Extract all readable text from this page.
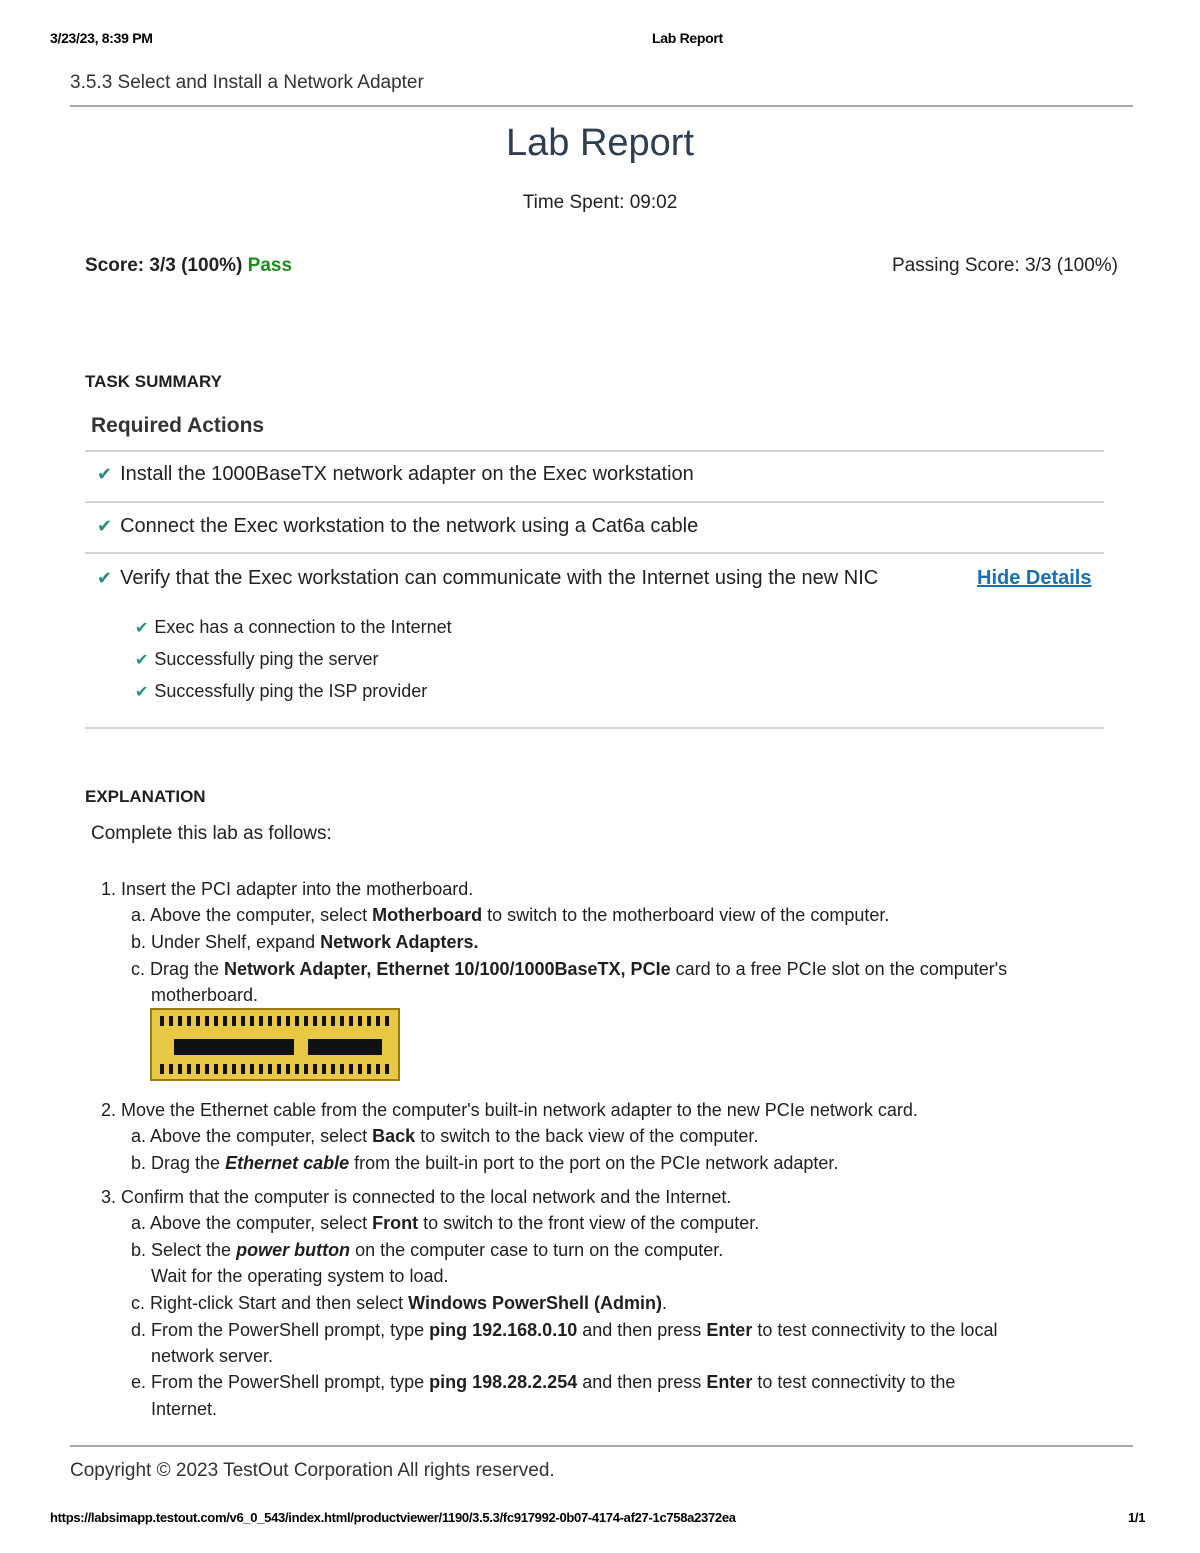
3/23/23, 8:39 PM	Lab Report
3.5.3 Select and Install a Network Adapter
Lab Report
Time Spent: 09:02
Score: 3/3 (100%) Pass	Passing Score: 3/3 (100%)
TASK SUMMARY
Required Actions
✔ Install the 1000BaseTX network adapter on the Exec workstation
✔ Connect the Exec workstation to the network using a Cat6a cable
✔ Verify that the Exec workstation can communicate with the Internet using the new NIC	Hide Details
✔ Exec has a connection to the Internet
✔ Successfully ping the server
✔ Successfully ping the ISP provider
EXPLANATION
Complete this lab as follows:
1. Insert the PCI adapter into the motherboard.
a. Above the computer, select Motherboard to switch to the motherboard view of the computer.
b. Under Shelf, expand Network Adapters.
c. Drag the Network Adapter, Ethernet 10/100/1000BaseTX, PCIe card to a free PCIe slot on the computer's
motherboard.
2. Move the Ethernet cable from the computer's built-in network adapter to the new PCIe network card.
a. Above the computer, select Back to switch to the back view of the computer.
b. Drag the Ethernet cable from the built-in port to the port on the PCIe network adapter.
3. Confirm that the computer is connected to the local network and the Internet.
a. Above the computer, select Front to switch to the front view of the computer.
b. Select the power button on the computer case to turn on the computer.
Wait for the operating system to load.
c. Right-click Start and then select Windows PowerShell (Admin).
d. From the PowerShell prompt, type ping 192.168.0.10 and then press Enter to test connectivity to the local
network server.
e. From the PowerShell prompt, type ping 198.28.2.254 and then press Enter to test connectivity to the
Internet.
Copyright © 2023 TestOut Corporation All rights reserved.
https://labsimapp.testout.com/v6_0_543/index.html/productviewer/1190/3.5.3/fc917992-0b07-4174-af27-1c758a2372ea	1/1
